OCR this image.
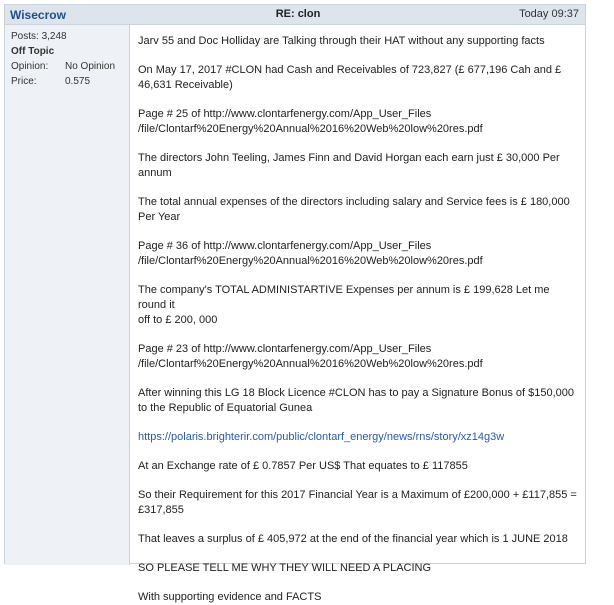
Wisecrow	RE: clon	Today 09:37
Posts: 3,248
Off Topic
Opinion:	No Opinion
Price:	0.575

Jarv 55 and Doc Holliday are Talking through their HAT without any supporting facts

On May 17, 2017 #CLON had Cash and Receivables of 723,827 (£ 677,196 Cah and £
46,631 Receivable)

Page # 25 of http://www.clontarfenergy.com/App_User_Files
/file/Clontarf%20Energy%20Annual%2016%20Web%20low%20res.pdf

The directors John Teeling, James Finn and David Horgan each earn just £ 30,000 Per
annum

The total annual expenses of the directors including salary and Service fees is £ 180,000
Per Year

Page # 36 of http://www.clontarfenergy.com/App_User_Files
/file/Clontarf%20Energy%20Annual%2016%20Web%20low%20res.pdf

The company's TOTAL ADMINISTARTIVE Expenses per annum is £ 199,628 Let me round it
off to £ 200, 000

Page # 23 of http://www.clontarfenergy.com/App_User_Files
/file/Clontarf%20Energy%20Annual%2016%20Web%20low%20res.pdf

After winning this LG 18 Block Licence #CLON has to pay a Signature Bonus of $150,000
to the Republic of Equatorial Gunea

https://polaris.brighterir.com/public/clontarf_energy/news/rns/story/xz14g3w

At an Exchange rate of £ 0.7857 Per US$ That equates to £ 117855

So their Requirement for this 2017 Financial Year is a Maximum of £200,000 + £117,855 =
£317,855

That leaves a surplus of £ 405,972 at the end of the financial year which is 1 JUNE 2018

SO PLEASE TELL ME WHY THEY WILL NEED A PLACING

With supporting evidence and FACTS
